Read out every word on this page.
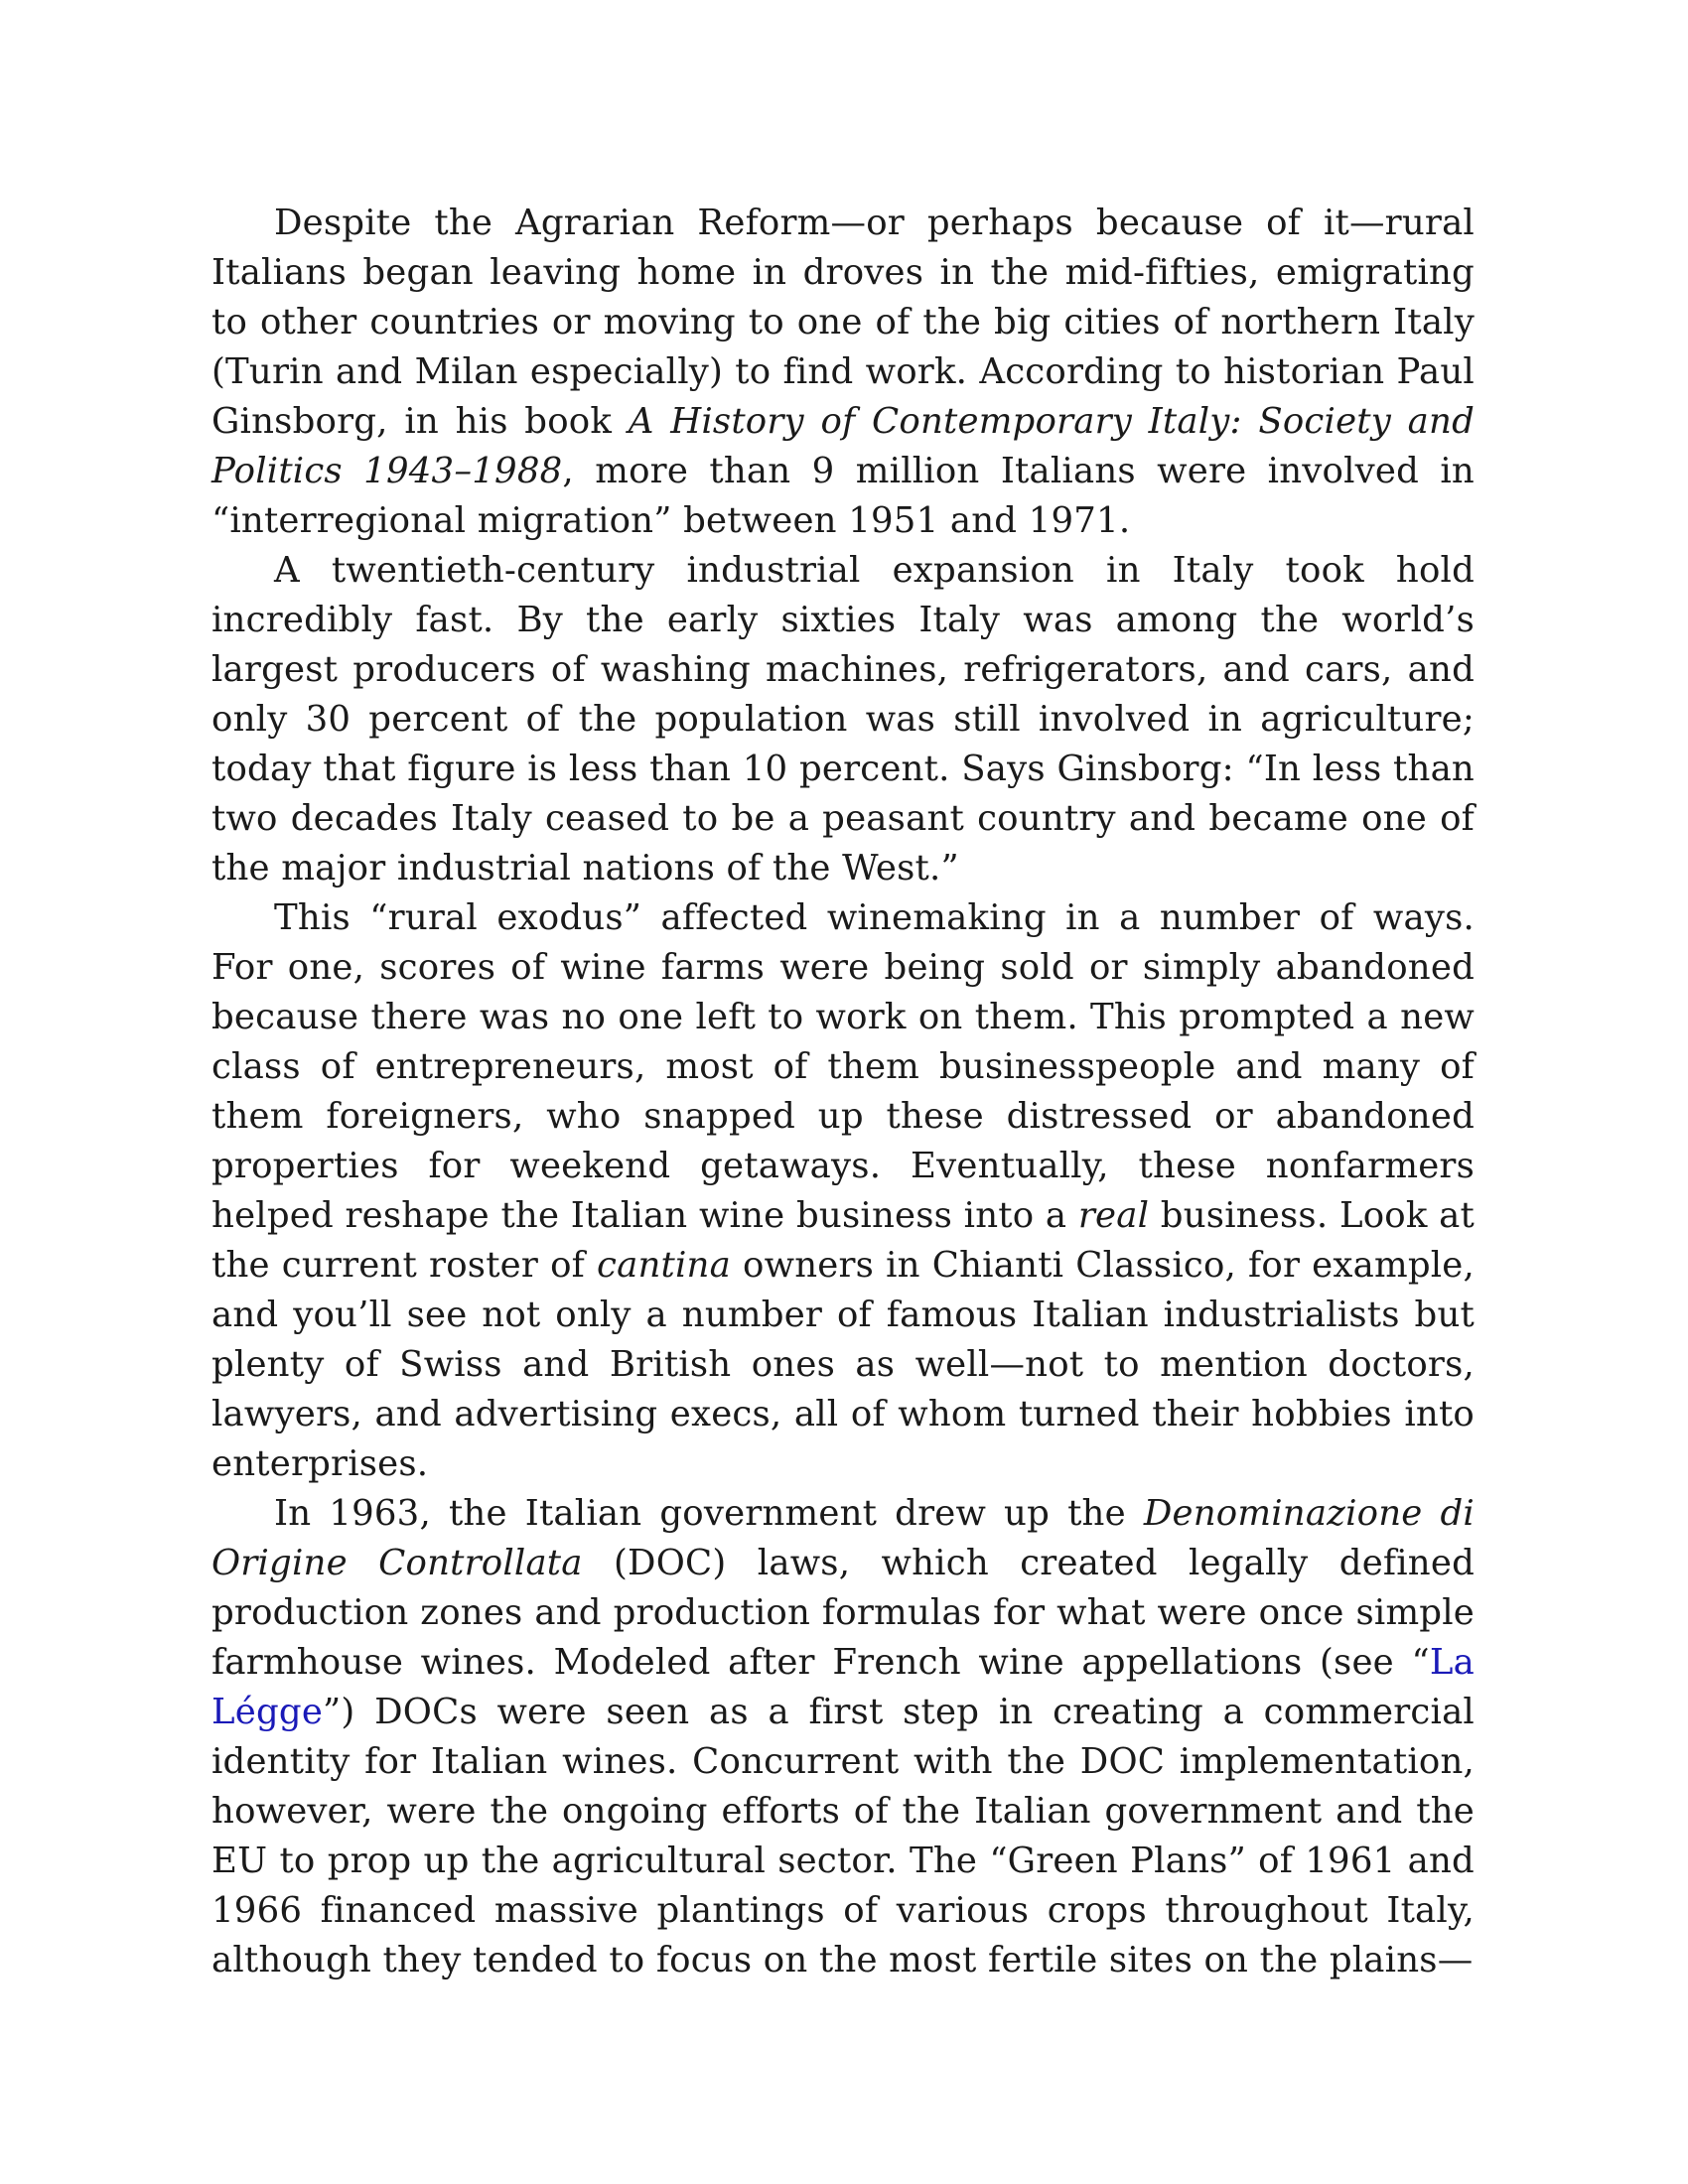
Despite the Agrarian Reform—or perhaps because of it—rural Italians began leaving home in droves in the mid-fifties, emigrating to other countries or moving to one of the big cities of northern Italy (Turin and Milan especially) to find work. According to historian Paul Ginsborg, in his book A History of Contemporary Italy: Society and Politics 1943–1988, more than 9 million Italians were involved in “interregional migration” between 1951 and 1971.

A twentieth-century industrial expansion in Italy took hold incredibly fast. By the early sixties Italy was among the world’s largest producers of washing machines, refrigerators, and cars, and only 30 percent of the population was still involved in agriculture; today that figure is less than 10 percent. Says Ginsborg: “In less than two decades Italy ceased to be a peasant country and became one of the major industrial nations of the West.”

This “rural exodus” affected winemaking in a number of ways. For one, scores of wine farms were being sold or simply abandoned because there was no one left to work on them. This prompted a new class of entrepreneurs, most of them businesspeople and many of them foreigners, who snapped up these distressed or abandoned properties for weekend getaways. Eventually, these nonfarmers helped reshape the Italian wine business into a real business. Look at the current roster of cantina owners in Chianti Classico, for example, and you’ll see not only a number of famous Italian industrialists but plenty of Swiss and British ones as well—not to mention doctors, lawyers, and advertising execs, all of whom turned their hobbies into enterprises.

In 1963, the Italian government drew up the Denominazione di Origine Controllata (DOC) laws, which created legally defined production zones and production formulas for what were once simple farmhouse wines. Modeled after French wine appellations (see “La Légge”) DOCs were seen as a first step in creating a commercial identity for Italian wines. Concurrent with the DOC implementation, however, were the ongoing efforts of the Italian government and the EU to prop up the agricultural sector. The “Green Plans” of 1961 and 1966 financed massive plantings of various crops throughout Italy, although they tended to focus on the most fertile sites on the plains—
